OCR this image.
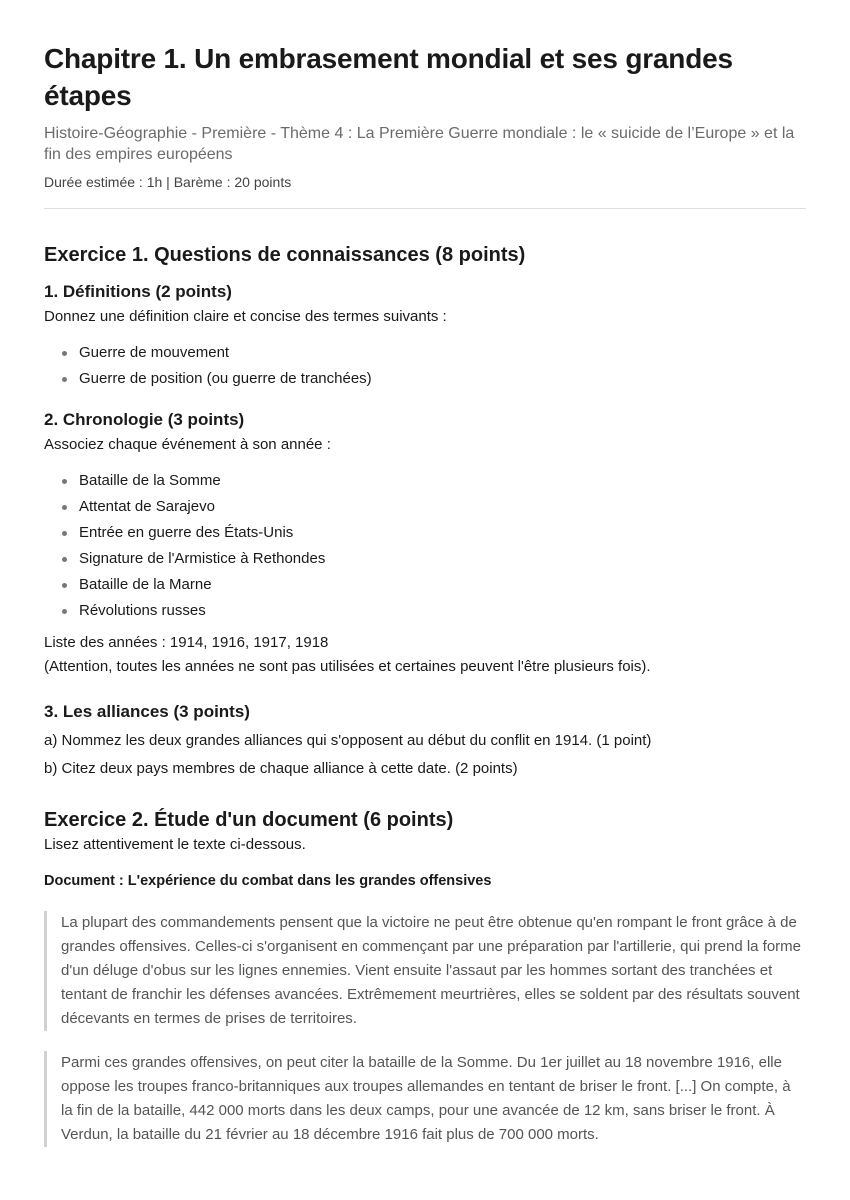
Chapitre 1. Un embrasement mondial et ses grandes étapes
Histoire-Géographie - Première - Thème 4 : La Première Guerre mondiale : le « suicide de l’Europe » et la fin des empires européens
Durée estimée : 1h | Barème : 20 points
Exercice 1. Questions de connaissances (8 points)
1. Définitions (2 points)

Donnez une définition claire et concise des termes suivants :

Guerre de mouvement
Guerre de position (ou guerre de tranchées)
2. Chronologie (3 points)

Associez chaque événement à son année :

Bataille de la Somme
Attentat de Sarajevo
Entrée en guerre des États-Unis
Signature de l'Armistice à Rethondes
Bataille de la Marne
Révolutions russes

Liste des années : 1914, 1916, 1917, 1918

(Attention, toutes les années ne sont pas utilisées et certaines peuvent l'être plusieurs fois).

3. Les alliances (3 points)

a) Nommez les deux grandes alliances qui s'opposent au début du conflit en 1914. (1 point)

b) Citez deux pays membres de chaque alliance à cette date. (2 points)

Exercice 2. Étude d'un document (6 points)

Lisez attentivement le texte ci-dessous.

Document : L'expérience du combat dans les grandes offensives
La plupart des commandements pensent que la victoire ne peut être obtenue qu'en rompant le front grâce à de grandes offensives. Celles-ci s'organisent en commençant par une préparation par l'artillerie, qui prend la forme d'un déluge d'obus sur les lignes ennemies. Vient ensuite l'assaut par les hommes sortant des tranchées et tentant de franchir les défenses avancées. Extrêmement meurtrières, elles se soldent par des résultats souvent décevants en termes de prises de territoires.
Parmi ces grandes offensives, on peut citer la bataille de la Somme. Du 1er juillet au 18 novembre 1916, elle oppose les troupes franco-britanniques aux troupes allemandes en tentant de briser le front. [...] On compte, à la fin de la bataille, 442 000 morts dans les deux camps, pour une avancée de 12 km, sans briser le front. À Verdun, la bataille du 21 février au 18 décembre 1916 fait plus de 700 000 morts.
